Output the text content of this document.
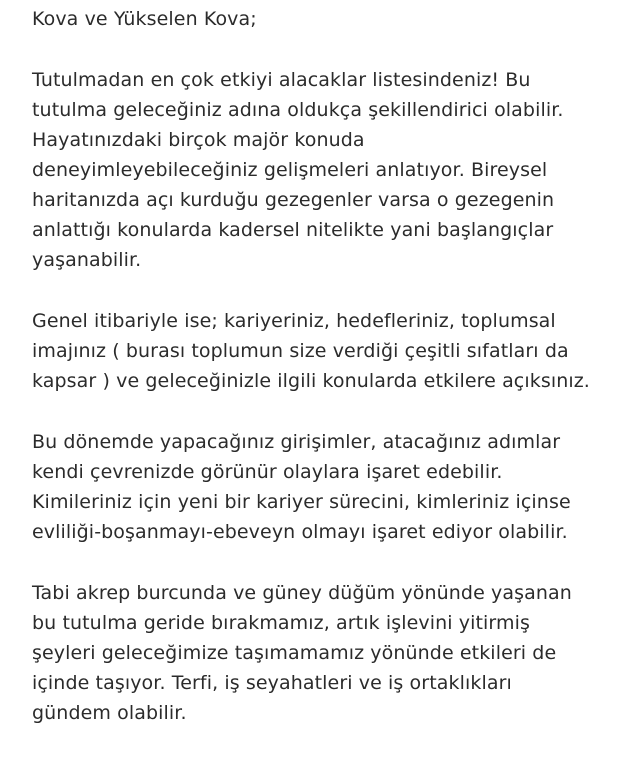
Kova ve Yükselen Kova;

Tutulmadan en çok etkiyi alacaklar listesindeniz! Bu
tutulma geleceğiniz adına oldukça şekillendirici olabilir.
Hayatınızdaki birçok majör konuda
deneyimleyebileceğiniz gelişmeleri anlatıyor. Bireysel
haritanızda açı kurduğu gezegenler varsa o gezegenin
anlattığı konularda kadersel nitelikte yani başlangıçlar
yaşanabilir.

Genel itibariyle ise; kariyeriniz, hedefleriniz, toplumsal
imajınız ( burası toplumun size verdiği çeşitli sıfatları da
kapsar ) ve geleceğinizle ilgili konularda etkilere açıksınız.

Bu dönemde yapacağınız girişimler, atacağınız adımlar
kendi çevrenizde görünür olaylara işaret edebilir.
Kimileriniz için yeni bir kariyer sürecini, kimleriniz içinse
evliliği-boşanmayı-ebeveyn olmayı işaret ediyor olabilir.

Tabi akrep burcunda ve güney düğüm yönünde yaşanan
bu tutulma geride bırakmamız, artık işlevini yitirmiş
şeyleri geleceğimize taşımamamız yönünde etkileri de
içinde taşıyor. Terfi, iş seyahatleri ve iş ortaklıkları
gündem olabilir.
